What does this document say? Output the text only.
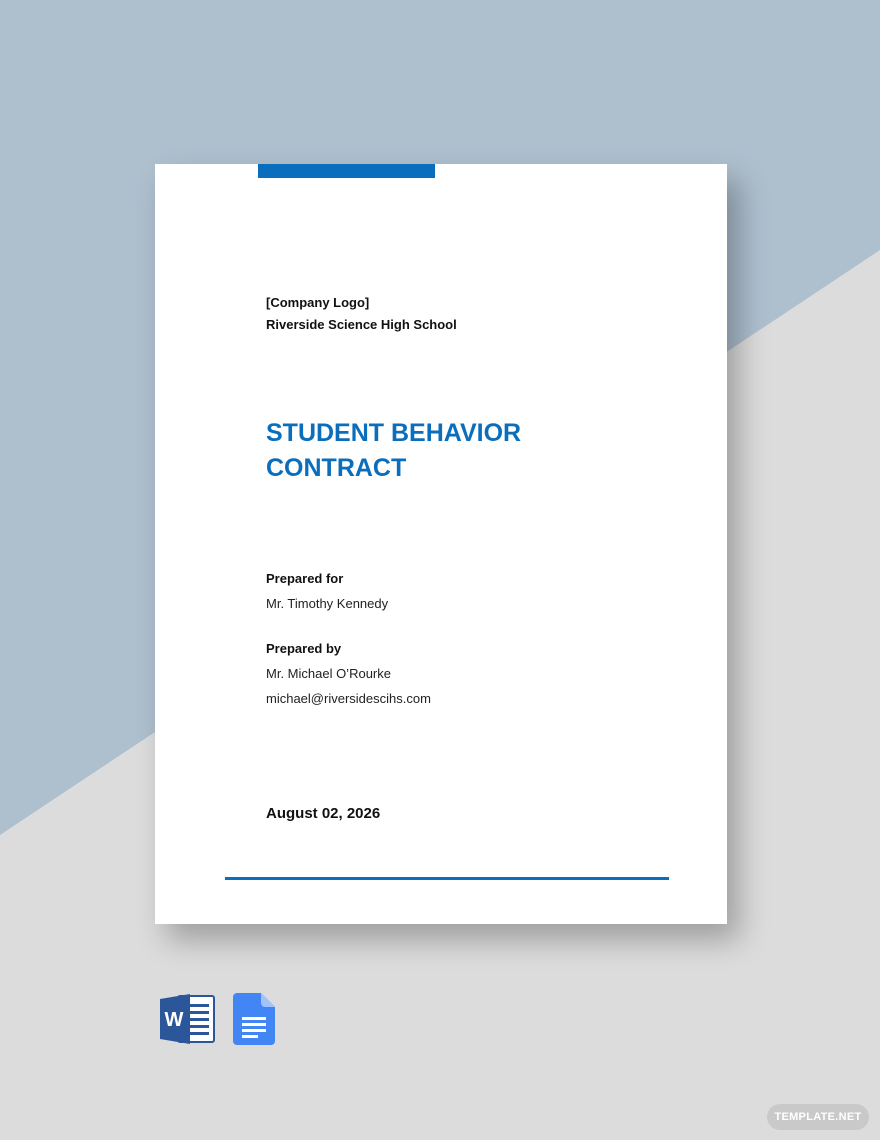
[Company Logo]
Riverside Science High School
STUDENT BEHAVIOR
CONTRACT
Prepared for
Mr. Timothy Kennedy
Prepared by
Mr. Michael O’Rourke
michael@riversidescihs.com
August 02, 2026
W
TEMPLATE.NET
